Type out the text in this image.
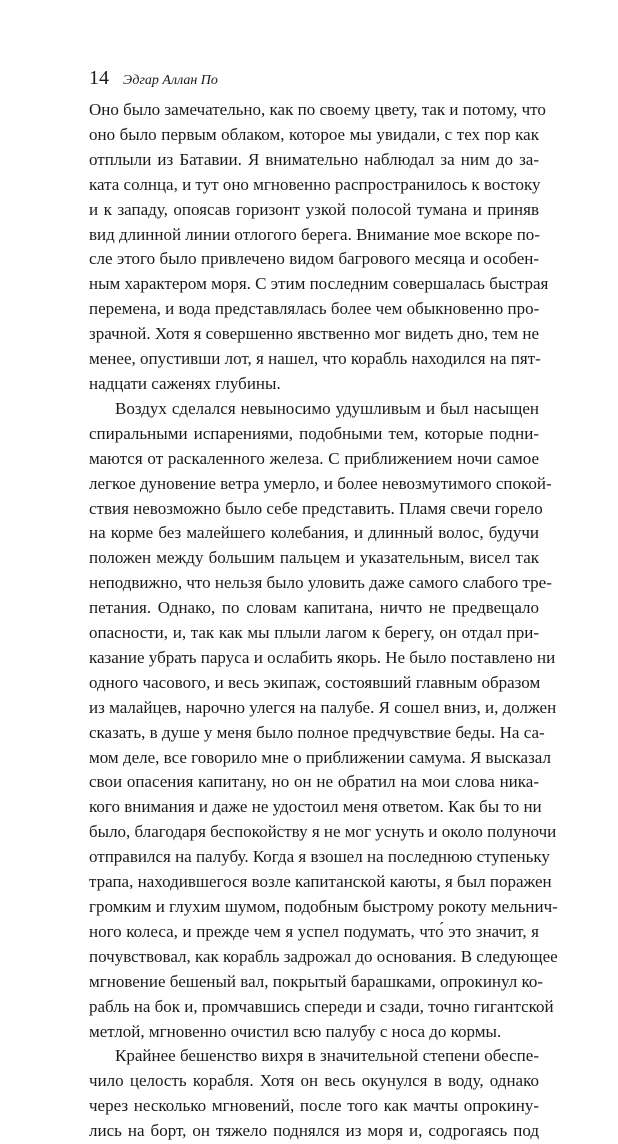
14 Эдгар Аллан По
Оно было замечательно, как по своему цвету, так и потому, что
оно было первым облаком, которое мы увидали, с тех пор как
отплыли из Батавии. Я внимательно наблюдал за ним до за-
ката солнца, и тут оно мгновенно распространилось к востоку
и к западу, опоясав горизонт узкой полосой тумана и приняв
вид длинной линии отлогого берега. Внимание мое вскоре по-
сле этого было привлечено видом багрового месяца и особен-
ным характером моря. С этим последним совершалась быстрая
перемена, и вода представлялась более чем обыкновенно про-
зрачной. Хотя я совершенно явственно мог видеть дно, тем не
менее, опустивши лот, я нашел, что корабль находился на пят-
надцати саженях глубины.
Воздух сделался невыносимо удушливым и был насыщен
спиральными испарениями, подобными тем, которые подни-
маются от раскаленного железа. С приближением ночи самое
легкое дуновение ветра умерло, и более невозмутимого спокой-
ствия невозможно было себе представить. Пламя свечи горело
на корме без малейшего колебания, и длинный волос, будучи
положен между большим пальцем и указательным, висел так
неподвижно, что нельзя было уловить даже самого слабого тре-
петания. Однако, по словам капитана, ничто не предвещало
опасности, и, так как мы плыли лагом к берегу, он отдал при-
казание убрать паруса и ослабить якорь. Не было поставлено ни
одного часового, и весь экипаж, состоявший главным образом
из малайцев, нарочно улегся на палубе. Я сошел вниз, и, должен
сказать, в душе у меня было полное предчувствие беды. На са-
мом деле, все говорило мне о приближении самума. Я высказал
свои опасения капитану, но он не обратил на мои слова ника-
кого внимания и даже не удостоил меня ответом. Как бы то ни
было, благодаря беспокойству я не мог уснуть и около полуночи
отправился на палубу. Когда я взошел на последнюю ступеньку
трапа, находившегося возле капитанской каюты, я был поражен
громким и глухим шумом, подобным быстрому рокоту мельнич-
ного колеса, и прежде чем я успел подумать, что́ это значит, я
почувствовал, как корабль задрожал до основания. В следующее
мгновение бешеный вал, покрытый барашками, опрокинул ко-
рабль на бок и, промчавшись спереди и сзади, точно гигантской
метлой, мгновенно очистил всю палубу с носа до кормы.
Крайнее бешенство вихря в значительной степени обеспе-
чило целость корабля. Хотя он весь окунулся в воду, однако
через несколько мгновений, после того как мачты опрокину-
лись на борт, он тяжело поднялся из моря и, содрогаясь под
